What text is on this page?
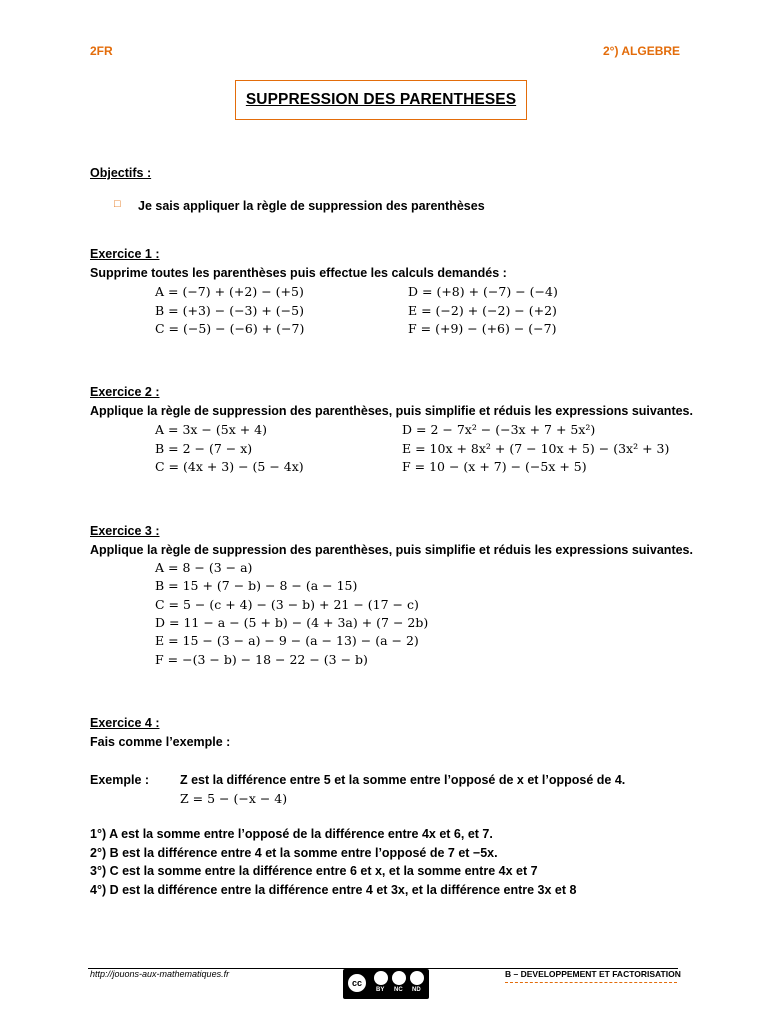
2FR	2°) ALGEBRE
SUPPRESSION DES PARENTHESES
Objectifs :
□ Je sais appliquer la règle de suppression des parenthèses
Exercice 1 :
Supprime toutes les parenthèses puis effectue les calculs demandés :
A = (−7) + (+2) − (+5)
B = (+3) − (−3) + (−5)
C = (−5) − (−6) + (−7)
D = (+8) + (−7) − (−4)
E = (−2) + (−2) − (+2)
F = (+9) − (+6) − (−7)
Exercice 2 :
Applique la règle de suppression des parenthèses, puis simplifie et réduis les expressions suivantes.
A = 3x − (5x + 4)
B = 2 − (7 − x)
C = (4x + 3) − (5 − 4x)
D = 2 − 7x² − (−3x + 7 + 5x²)
E = 10x + 8x² + (7 − 10x + 5) − (3x² + 3)
F = 10 − (x + 7) − (−5x + 5)
Exercice 3 :
Applique la règle de suppression des parenthèses, puis simplifie et réduis les expressions suivantes.
A = 8 − (3 − a)
B = 15 + (7 − b) − 8 − (a − 15)
C = 5 − (c + 4) − (3 − b) + 21 − (17 − c)
D = 11 − a − (5 + b) − (4 + 3a) + (7 − 2b)
E = 15 − (3 − a) − 9 − (a − 13) − (a − 2)
F = −(3 − b) − 18 − 22 − (3 − b)
Exercice 4 :
Fais comme l’exemple :
Exemple : Z est la différence entre 5 et la somme entre l’opposé de x et l’opposé de 4.
Z = 5 − (−x − 4)
1°) A est la somme entre l’opposé de la différence entre 4x et 6, et 7.
2°) B est la différence entre 4 et la somme entre l’opposé de 7 et −5x.
3°) C est la somme entre la différence entre 6 et x, et la somme entre 4x et 7
4°) D est la différence entre la différence entre 4 et 3x, et la différence entre 3x et 8
http://jouons-aux-mathematiques.fr
cc
BY NC ND
B – DEVELOPPEMENT ET FACTORISATION
